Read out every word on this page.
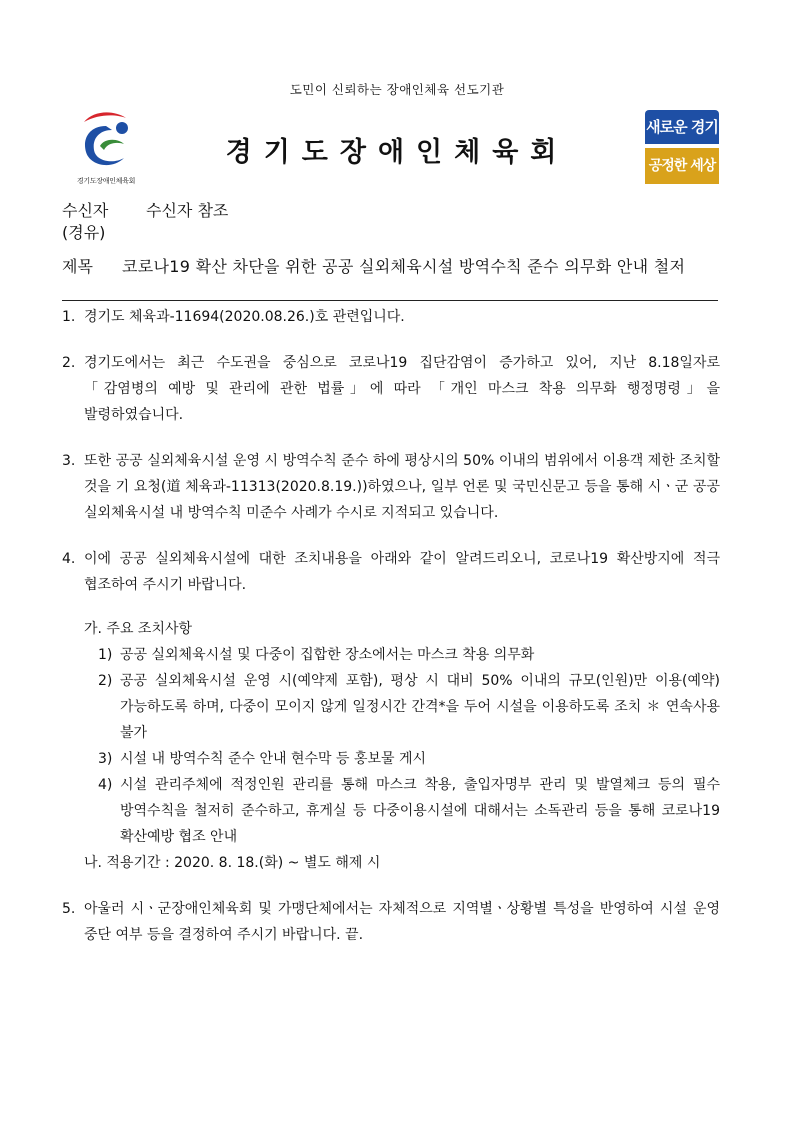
도민이 신뢰하는 장애인체육 선도기관
경기도장애인체육회
경기도장애인체육회
새로운 경기
공정한 세상
수신자 수신자 참조
(경유)
제목 코로나19 확산 차단을 위한 공공 실외체육시설 방역수칙 준수 의무화 안내 철저
1. 경기도 체육과-11694(2020.08.26.)호 관련입니다.
2. 경기도에서는 최근 수도권을 중심으로 코로나19 집단감염이 증가하고 있어, 지난 8.18일자로 「감염병의 예방 및 관리에 관한 법률」에 따라 「개인 마스크 착용 의무화 행정명령」을 발령하였습니다.
3. 또한 공공 실외체육시설 운영 시 방역수칙 준수 하에 평상시의 50% 이내의 범위에서 이용객 제한 조치할 것을 기 요청(道 체육과-11313(2020.8.19.))하였으나, 일부 언론 및 국민신문고 등을 통해 시ㆍ군 공공 실외체육시설 내 방역수칙 미준수 사례가 수시로 지적되고 있습니다.
4. 이에 공공 실외체육시설에 대한 조치내용을 아래와 같이 알려드리오니, 코로나19 확산방지에 적극 협조하여 주시기 바랍니다.
가. 주요 조치사항
1) 공공 실외체육시설 및 다중이 집합한 장소에서는 마스크 착용 의무화
2) 공공 실외체육시설 운영 시(예약제 포함), 평상 시 대비 50% 이내의 규모(인원)만 이용(예약)가능하도록 하며, 다중이 모이지 않게 일정시간 간격*을 두어 시설을 이용하도록 조치 ＊ 연속사용 불가
3) 시설 내 방역수칙 준수 안내 현수막 등 홍보물 게시
4) 시설 관리주체에 적정인원 관리를 통해 마스크 착용, 출입자명부 관리 및 발열체크 등의 필수 방역수칙을 철저히 준수하고, 휴게실 등 다중이용시설에 대해서는 소독관리 등을 통해 코로나19 확산예방 협조 안내
나. 적용기간 : 2020. 8. 18.(화) ~ 별도 해제 시
5. 아울러 시ㆍ군장애인체육회 및 가맹단체에서는 자체적으로 지역별ㆍ상황별 특성을 반영하여 시설 운영 중단 여부 등을 결정하여 주시기 바랍니다. 끝.
